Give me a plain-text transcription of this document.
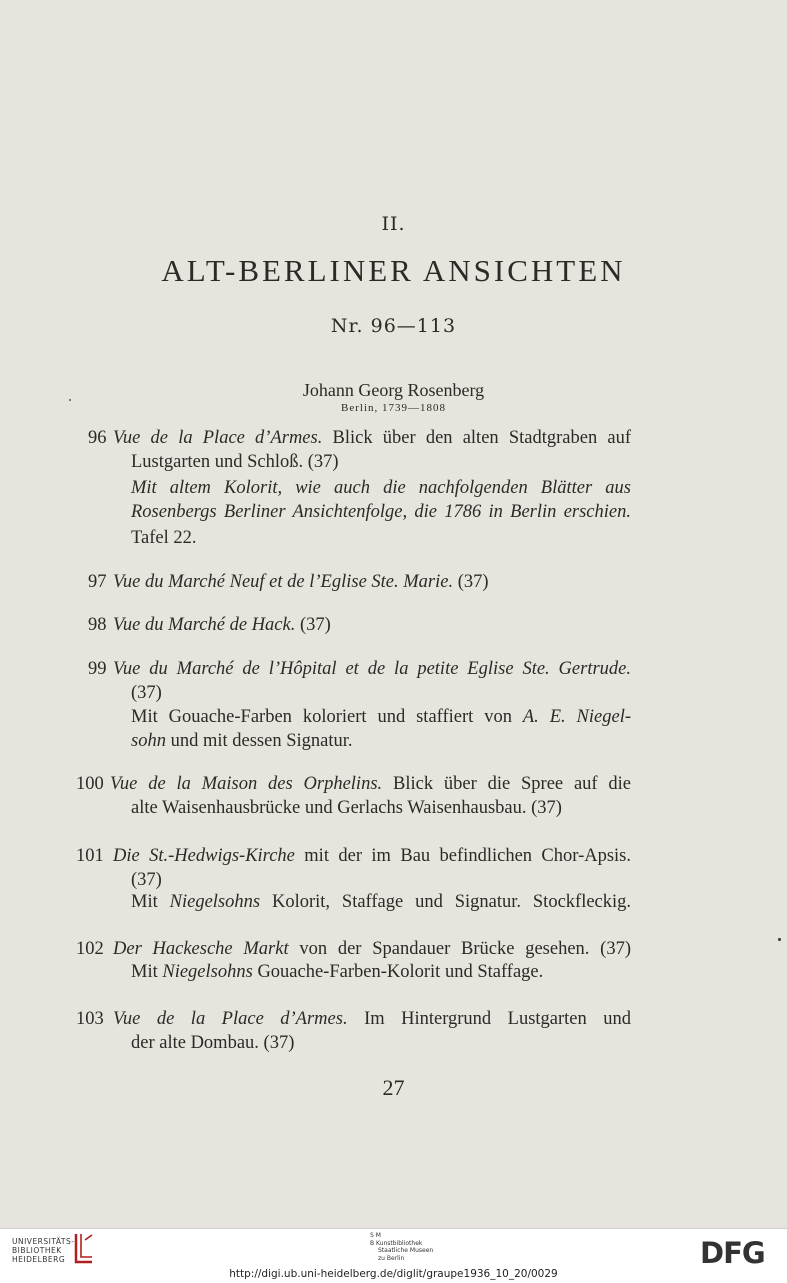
II.

ALT-BERLINER ANSICHTEN

Nr. 96—113

Johann Georg Rosenberg

Berlin, 1739—1808

96 Vue de la Place d’Armes. Blick über den alten Stadtgraben auf

Lustgarten und Schloß. (37)

Mit altem Kolorit, wie auch die nachfolgenden Blätter aus

Rosenbergs Berliner Ansichtenfolge, die 1786 in Berlin erschien.

Tafel 22.

97 Vue du Marché Neuf et de l’Eglise Ste. Marie. (37)

98 Vue du Marché de Hack. (37)

99 Vue du Marché de l’Hôpital et de la petite Eglise Ste. Gertrude.

(37)

Mit Gouache-Farben koloriert und staffiert von A. E. Niegel-

sohn und mit dessen Signatur.

100 Vue de la Maison des Orphelins. Blick über die Spree auf die

alte Waisenhausbrücke und Gerlachs Waisenhausbau. (37)

101 Die St.-Hedwigs-Kirche mit der im Bau befindlichen Chor-Apsis.

(37)

Mit Niegelsohns Kolorit, Staffage und Signatur. Stockfleckig.

102 Der Hackesche Markt von der Spandauer Brücke gesehen. (37)

Mit Niegelsohns Gouache-Farben-Kolorit und Staffage.

103 Vue de la Place d’Armes. Im Hintergrund Lustgarten und

der alte Dombau. (37)

27

UNIVERSITÄTS-
BIBLIOTHEK
HEIDELBERG
S M
B Kunstbibliothek
Staatliche Museen
zu Berlin	DFG
http://digi.ub.uni-heidelberg.de/diglit/graupe1936_10_20/0029
